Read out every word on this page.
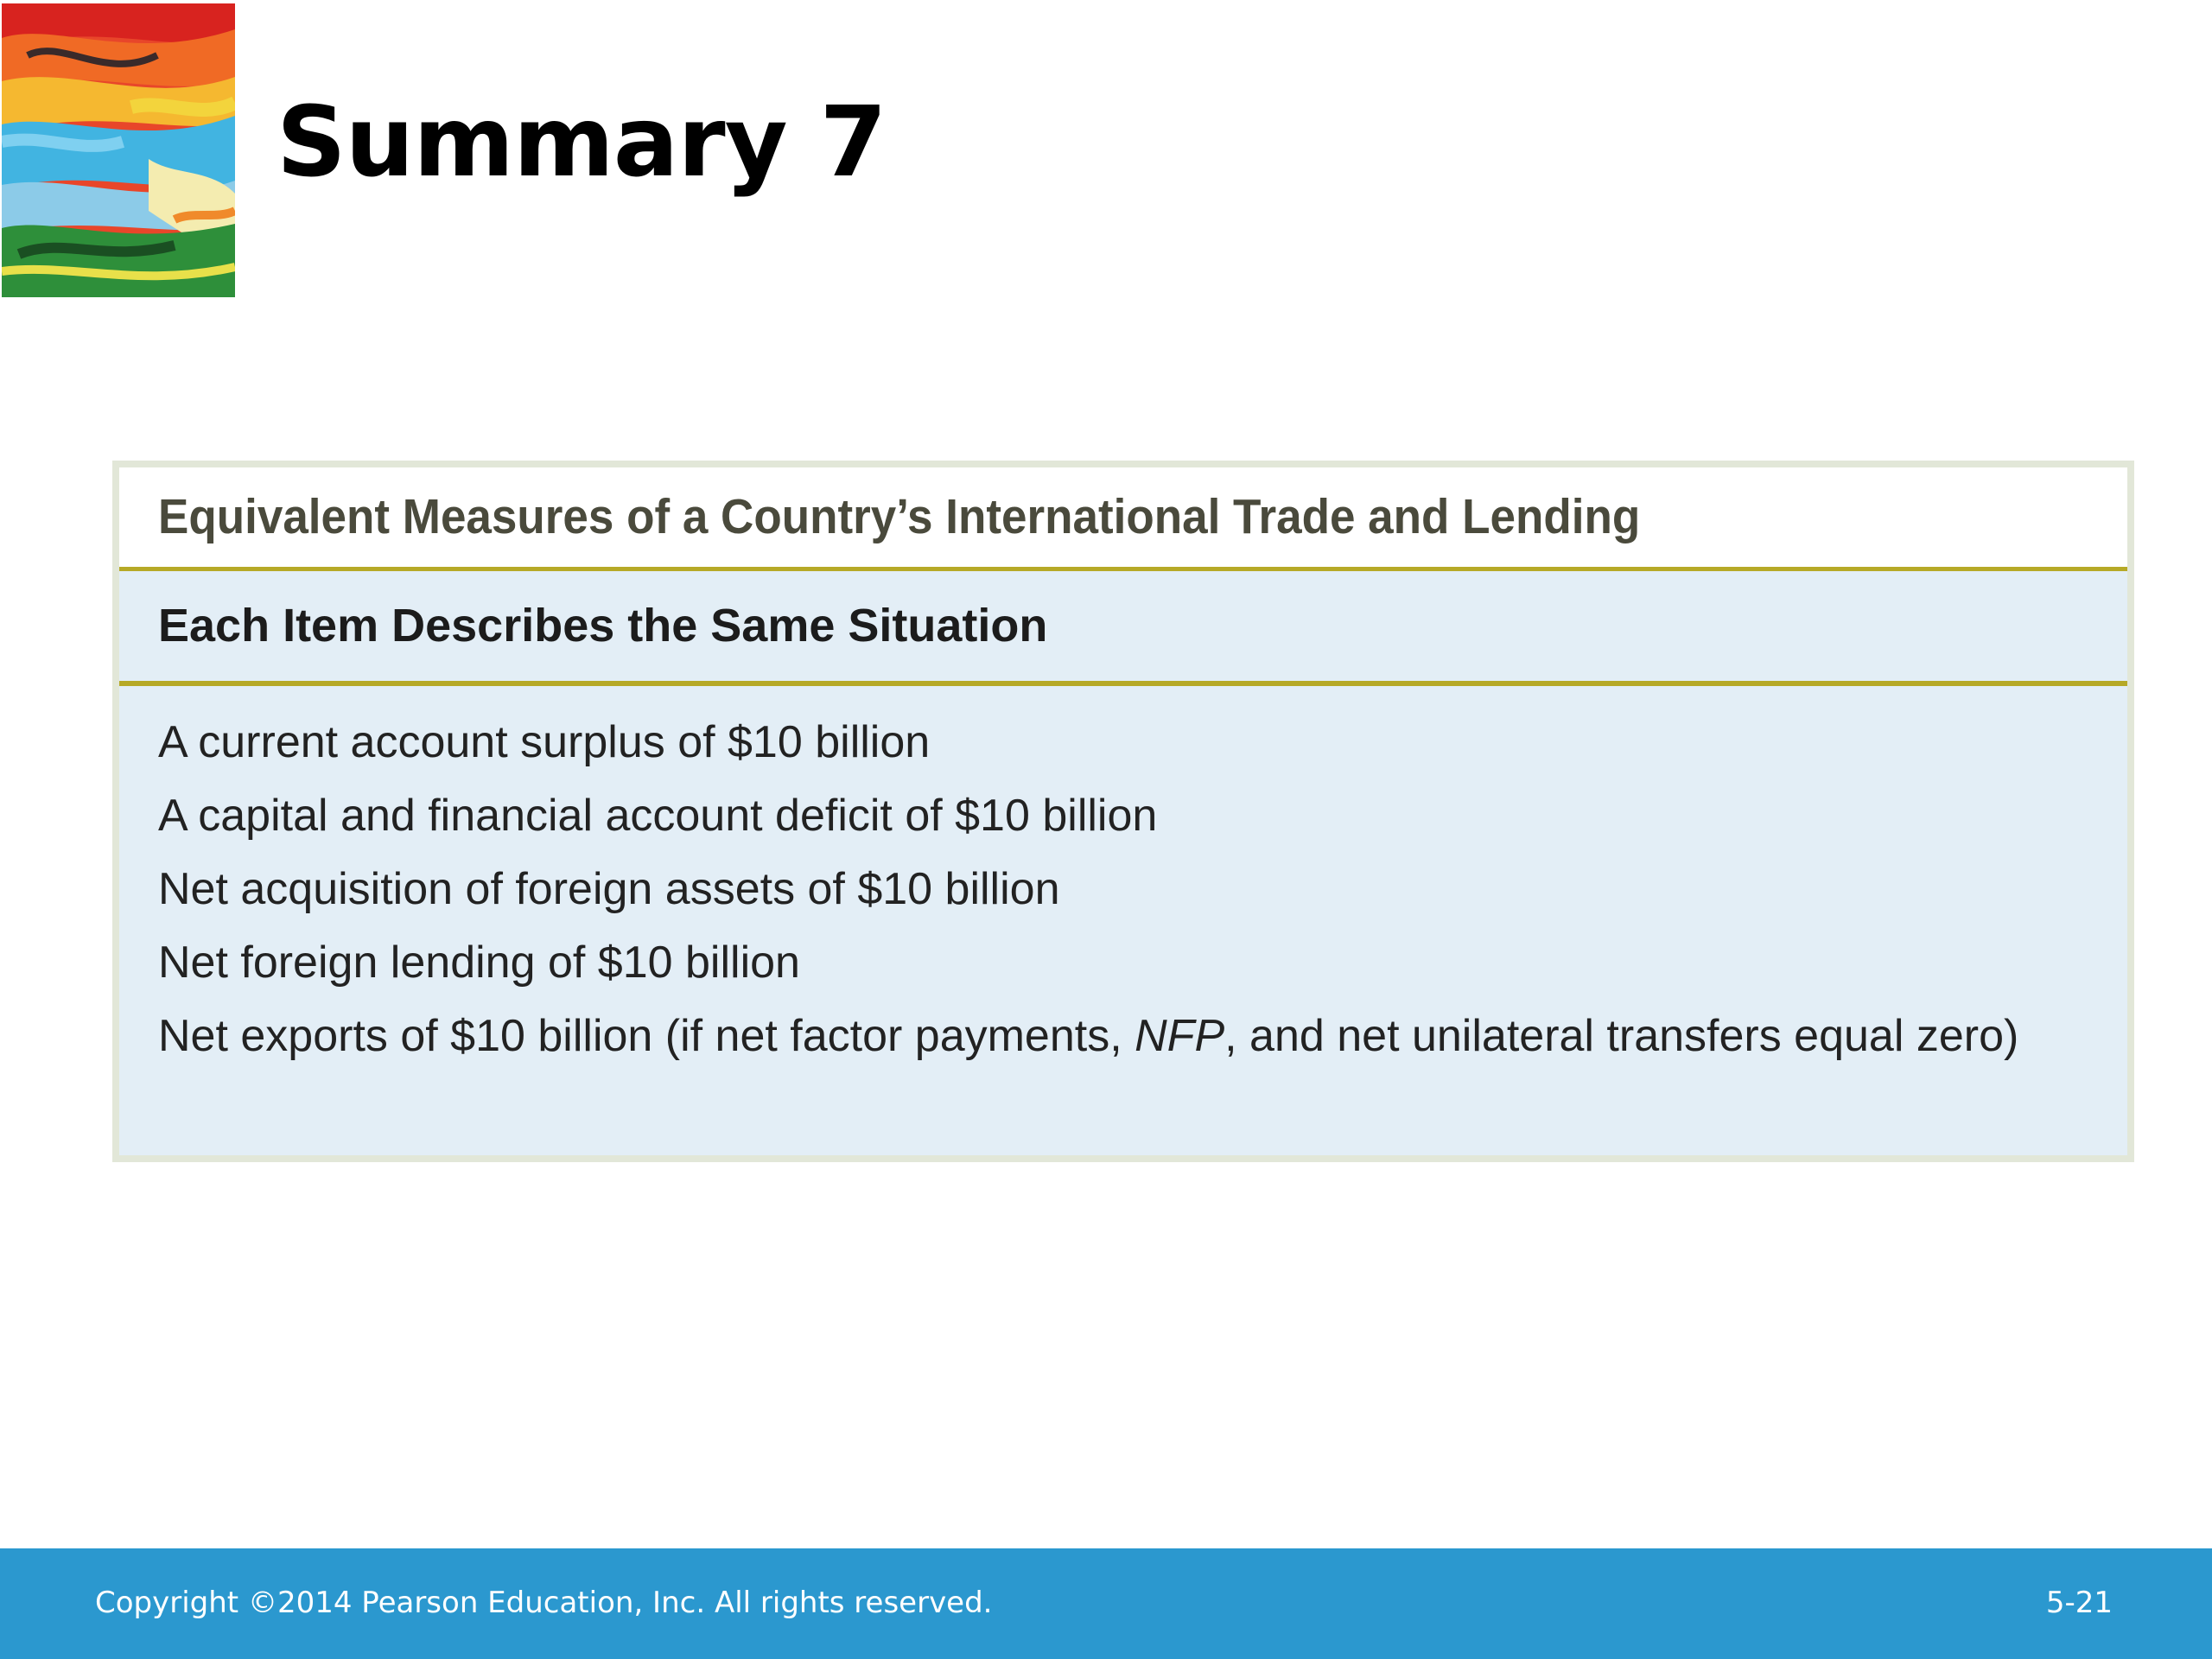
Summary 7
Equivalent Measures of a Country’s International Trade and Lending
Each Item Describes the Same Situation
A current account surplus of $10 billion
A capital and financial account deficit of $10 billion
Net acquisition of foreign assets of $10 billion
Net foreign lending of $10 billion
Net exports of $10 billion (if net factor payments, NFP, and net unilateral transfers equal zero)
Copyright ©2014 Pearson Education, Inc. All rights reserved.	5-21
